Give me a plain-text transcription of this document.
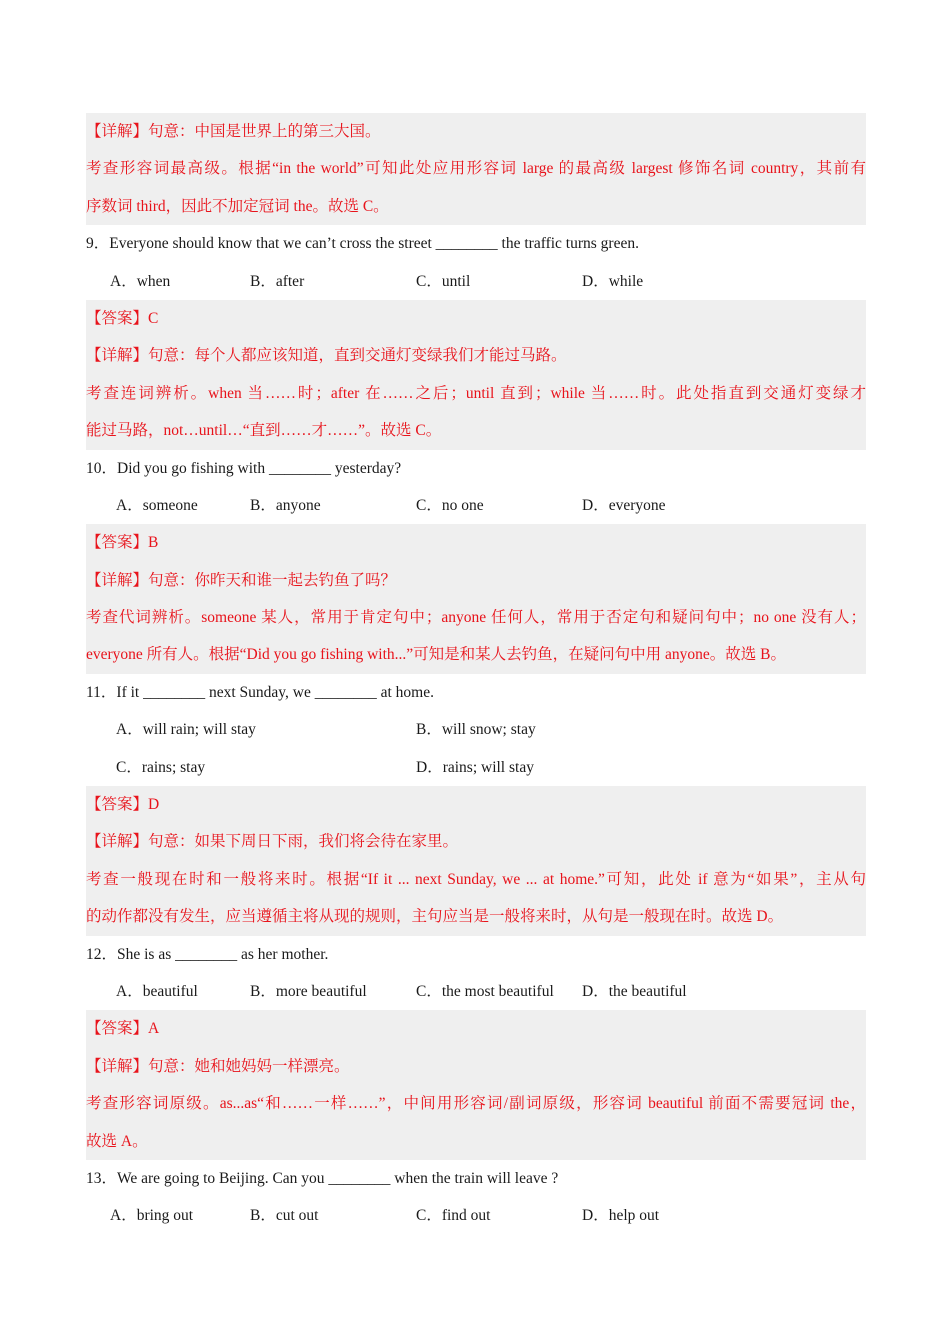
【详解】句意：中国是世界上的第三大国。
考查形容词最高级。根据“in the world”可知此处应用形容词 large 的最高级 largest 修饰名词 country，其前有
序数词 third，因此不加定冠词 the。故选 C。
9．Everyone should know that we can’t cross the street ________ the traffic turns green.
A．when	B．after	C．until	D．while
【答案】C
【详解】句意：每个人都应该知道，直到交通灯变绿我们才能过马路。
考查连词辨析。when 当……时；after 在……之后；until 直到；while 当……时。此处指直到交通灯变绿才
能过马路，not…until…“直到……才……”。故选 C。
10．Did you go fishing with ________ yesterday?
A．someone	B．anyone	C．no one	D．everyone
【答案】B
【详解】句意：你昨天和谁一起去钓鱼了吗？
考查代词辨析。someone 某人，常用于肯定句中；anyone 任何人，常用于否定句和疑问句中；no one 没有人；
everyone 所有人。根据“Did you go fishing with...”可知是和某人去钓鱼，在疑问句中用 anyone。故选 B。
11．If it ________ next Sunday, we ________ at home.
A．will rain; will stay	B．will snow; stay
C．rains; stay	D．rains; will stay
【答案】D
【详解】句意：如果下周日下雨，我们将会待在家里。
考查一般现在时和一般将来时。根据“If it ... next Sunday, we ... at home.”可知，此处 if 意为“如果”，主从句
的动作都没有发生，应当遵循主将从现的规则，主句应当是一般将来时，从句是一般现在时。故选 D。
12．She is as ________ as her mother.
A．beautiful	B．more beautiful	C．the most beautiful D．the beautiful
【答案】A
【详解】句意：她和她妈妈一样漂亮。
考查形容词原级。as...as“和……一样……”，中间用形容词/副词原级，形容词 beautiful 前面不需要冠词 the，
故选 A。
13．We are going to Beijing. Can you ________ when the train will leave ?
A．bring out	B．cut out	C．find out	D．help out
